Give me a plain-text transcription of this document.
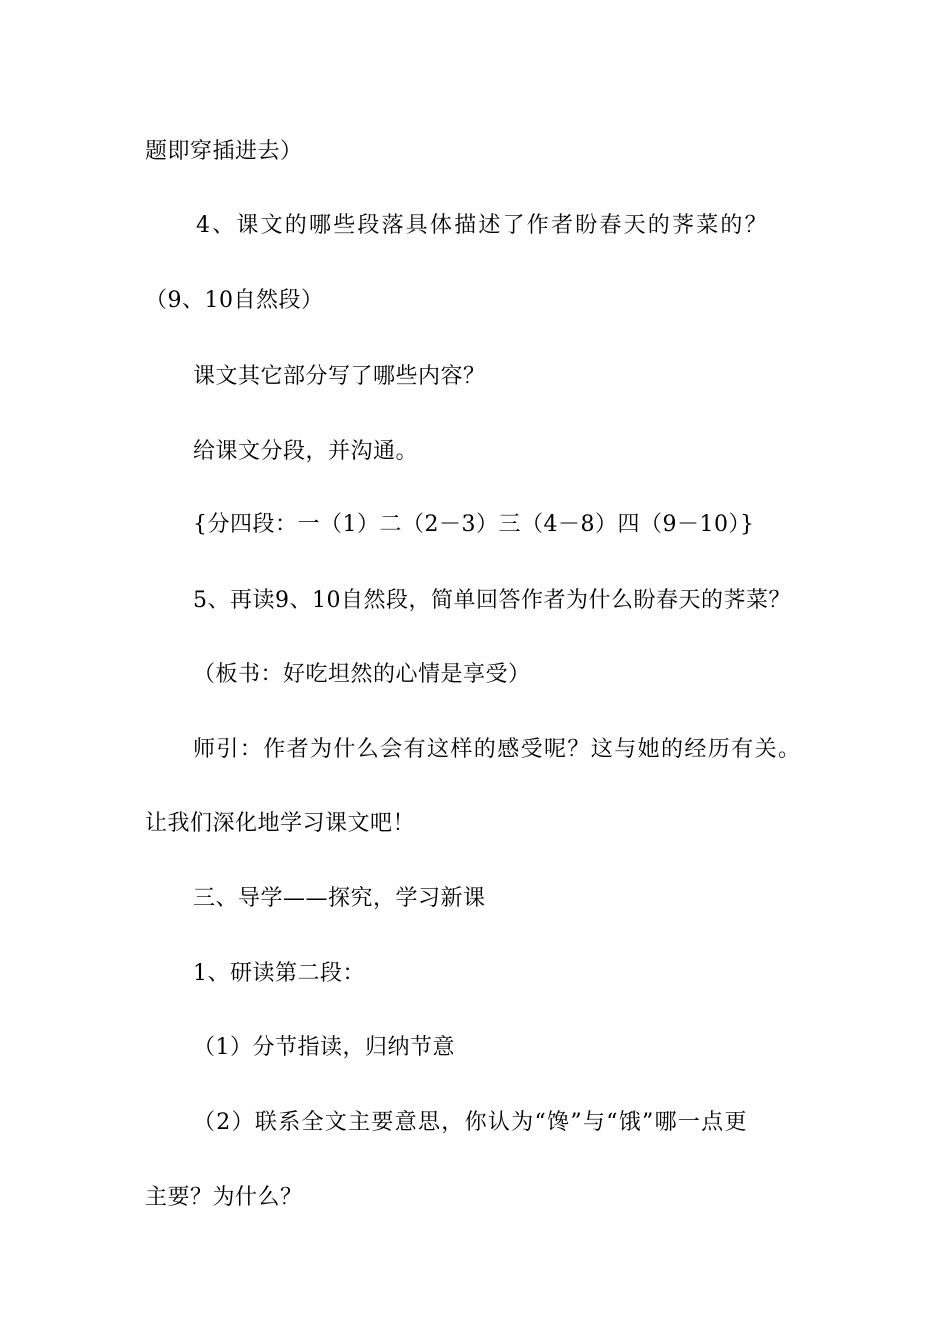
题即穿插进去）
4、课文的哪些段落具体描述了作者盼春天的荠菜的？
（9、10自然段）
课文其它部分写了哪些内容？
给课文分段，并沟通。
{分四段：一（1）二（2－3）三（4－8）四（9－10）}
5、再读9、10自然段，简单回答作者为什么盼春天的荠菜？
（板书：好吃坦然的心情是享受）
师引：作者为什么会有这样的感受呢？这与她的经历有关。
让我们深化地学习课文吧！
三、导学——探究，学习新课
1、研读第二段：
（1）分节指读，归纳节意
（2）联系全文主要意思，你认为“馋”与“饿”哪一点更
主要？为什么？
